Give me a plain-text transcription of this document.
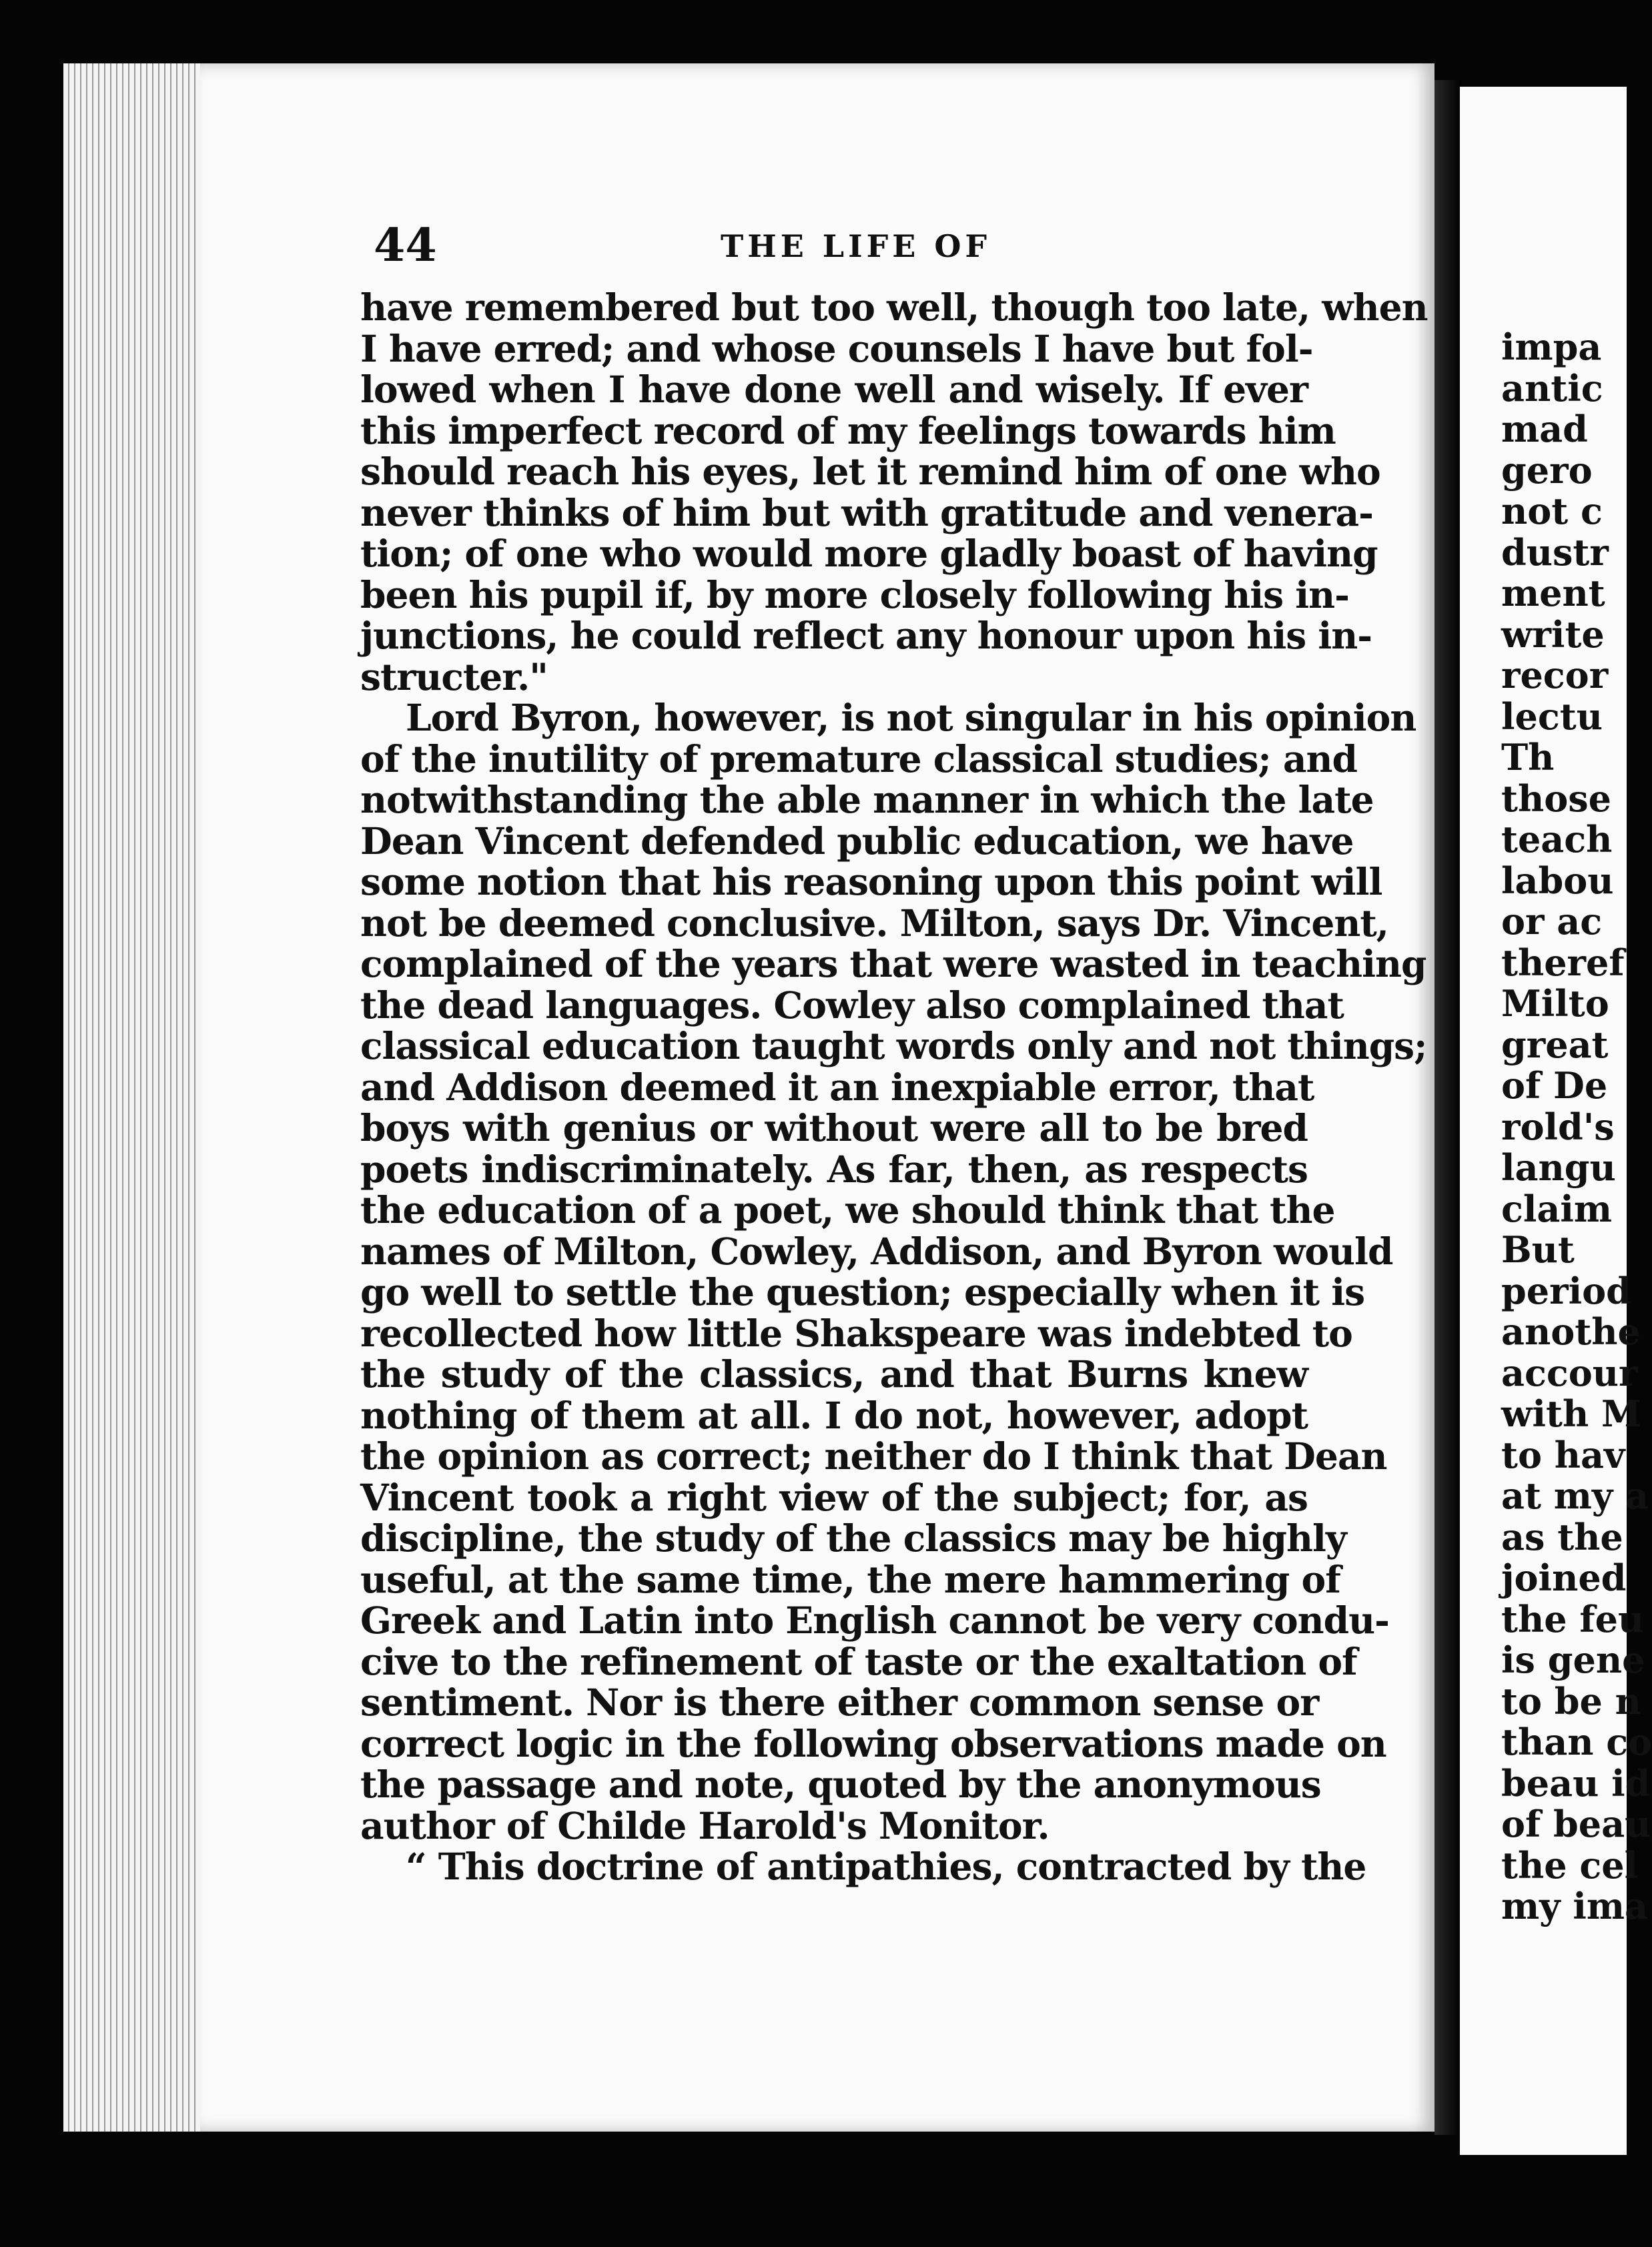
44	THE LIFE OF
have remembered but too well, though too late, when
I have erred; and whose counsels I have but fol-
lowed when I have done well and wisely. If ever
this imperfect record of my feelings towards him
should reach his eyes, let it remind him of one who
never thinks of him but with gratitude and venera-
tion; of one who would more gladly boast of having
been his pupil if, by more closely following his in-
junctions, he could reflect any honour upon his in-
structer."
Lord Byron, however, is not singular in his opinion
of the inutility of premature classical studies; and
notwithstanding the able manner in which the late
Dean Vincent defended public education, we have
some notion that his reasoning upon this point will
not be deemed conclusive. Milton, says Dr. Vincent,
complained of the years that were wasted in teaching
the dead languages. Cowley also complained that
classical education taught words only and not things;
and Addison deemed it an inexpiable error, that
boys with genius or without were all to be bred
poets indiscriminately. As far, then, as respects
the education of a poet, we should think that the
names of Milton, Cowley, Addison, and Byron would
go well to settle the question; especially when it is
recollected how little Shakspeare was indebted to
the study of the classics, and that Burns knew
nothing of them at all. I do not, however, adopt
the opinion as correct; neither do I think that Dean
Vincent took a right view of the subject; for, as
discipline, the study of the classics may be highly
useful, at the same time, the mere hammering of
Greek and Latin into English cannot be very condu-
cive to the refinement of taste or the exaltation of
sentiment. Nor is there either common sense or
correct logic in the following observations made on
the passage and note, quoted by the anonymous
author of Childe Harold's Monitor.
“ This doctrine of antipathies, contracted by the
impa
antic
mad
gero
not c
dustr
ment
write
recor
lectu
Th
those
teach
labou
or ac
theref
Milto
great
of De
rold's
langu
claim
But
period
anothe
accour
with M
to hav
at my a
as the
joined
the feu
is gene
to be n
than co
beau id
of beau
the cel
my ima
